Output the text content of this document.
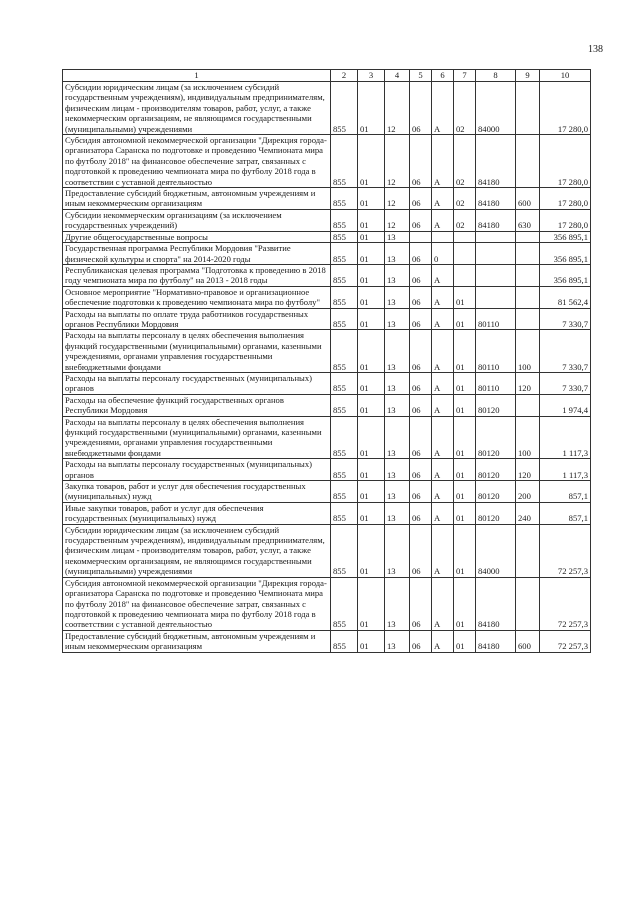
138
1	2	3	4	5	6	7	8	9	10
Субсидии юридическим лицам (за исключением субсидий государственным учреждениям), индивидуальным предпринимателям, физическим лицам - производителям товаров, работ, услуг, а также некоммерческим организациям, не являющимся государственными (муниципальными) учреждениями	855	01	12	06	А	02	84000		17 280,0
Субсидия автономной некоммерческой организации "Дирекция города-организатора Саранска по подготовке и проведению Чемпионата мира по футболу 2018" на финансовое обеспечение затрат, связанных с подготовкой к проведению чемпионата мира по футболу 2018 года в соответствии с уставной деятельностью	855	01	12	06	А	02	84180		17 280,0
Предоставление субсидий бюджетным, автономным учреждениям и иным некоммерческим организациям	855	01	12	06	А	02	84180	600	17 280,0
Субсидии некоммерческим организациям (за исключением государственных учреждений)	855	01	12	06	А	02	84180	630	17 280,0
Другие общегосударственные вопросы	855	01	13						356 895,1
Государственная программа Республики Мордовия "Развитие физической культуры и спорта" на 2014-2020 годы	855	01	13	06	0				356 895,1
Республиканская целевая программа "Подготовка к проведению в 2018 году чемпионата мира по футболу" на 2013 - 2018 годы	855	01	13	06	А				356 895,1
Основное мероприятие "Нормативно-правовое и организационное обеспечение подготовки к проведению чемпионата мира по футболу"	855	01	13	06	А	01			81 562,4
Расходы на выплаты по оплате труда работников государственных органов Республики Мордовия	855	01	13	06	А	01	80110		7 330,7
Расходы на выплаты персоналу в целях обеспечения выполнения функций государственными (муниципальными) органами, казенными учреждениями, органами управления государственными внебюджетными фондами	855	01	13	06	А	01	80110	100	7 330,7
Расходы на выплаты персоналу государственных (муниципальных) органов	855	01	13	06	А	01	80110	120	7 330,7
Расходы на обеспечение функций государственных органов Республики Мордовия	855	01	13	06	А	01	80120		1 974,4
Расходы на выплаты персоналу в целях обеспечения выполнения функций государственными (муниципальными) органами, казенными учреждениями, органами управления государственными внебюджетными фондами	855	01	13	06	А	01	80120	100	1 117,3
Расходы на выплаты персоналу государственных (муниципальных) органов	855	01	13	06	А	01	80120	120	1 117,3
Закупка товаров, работ и услуг для обеспечения государственных (муниципальных) нужд	855	01	13	06	А	01	80120	200	857,1
Иные закупки товаров, работ и услуг для обеспечения государственных (муниципальных) нужд	855	01	13	06	А	01	80120	240	857,1
Субсидии юридическим лицам (за исключением субсидий государственным учреждениям), индивидуальным предпринимателям, физическим лицам - производителям товаров, работ, услуг, а также некоммерческим организациям, не являющимся государственными (муниципальными) учреждениями	855	01	13	06	А	01	84000		72 257,3
Субсидия автономной некоммерческой организации "Дирекция города-организатора Саранска по подготовке и проведению Чемпионата мира по футболу 2018" на финансовое обеспечение затрат, связанных с подготовкой к проведению чемпионата мира по футболу 2018 года в соответствии с уставной деятельностью	855	01	13	06	А	01	84180		72 257,3
Предоставление субсидий бюджетным, автономным учреждениям и иным некоммерческим организациям	855	01	13	06	А	01	84180	600	72 257,3
